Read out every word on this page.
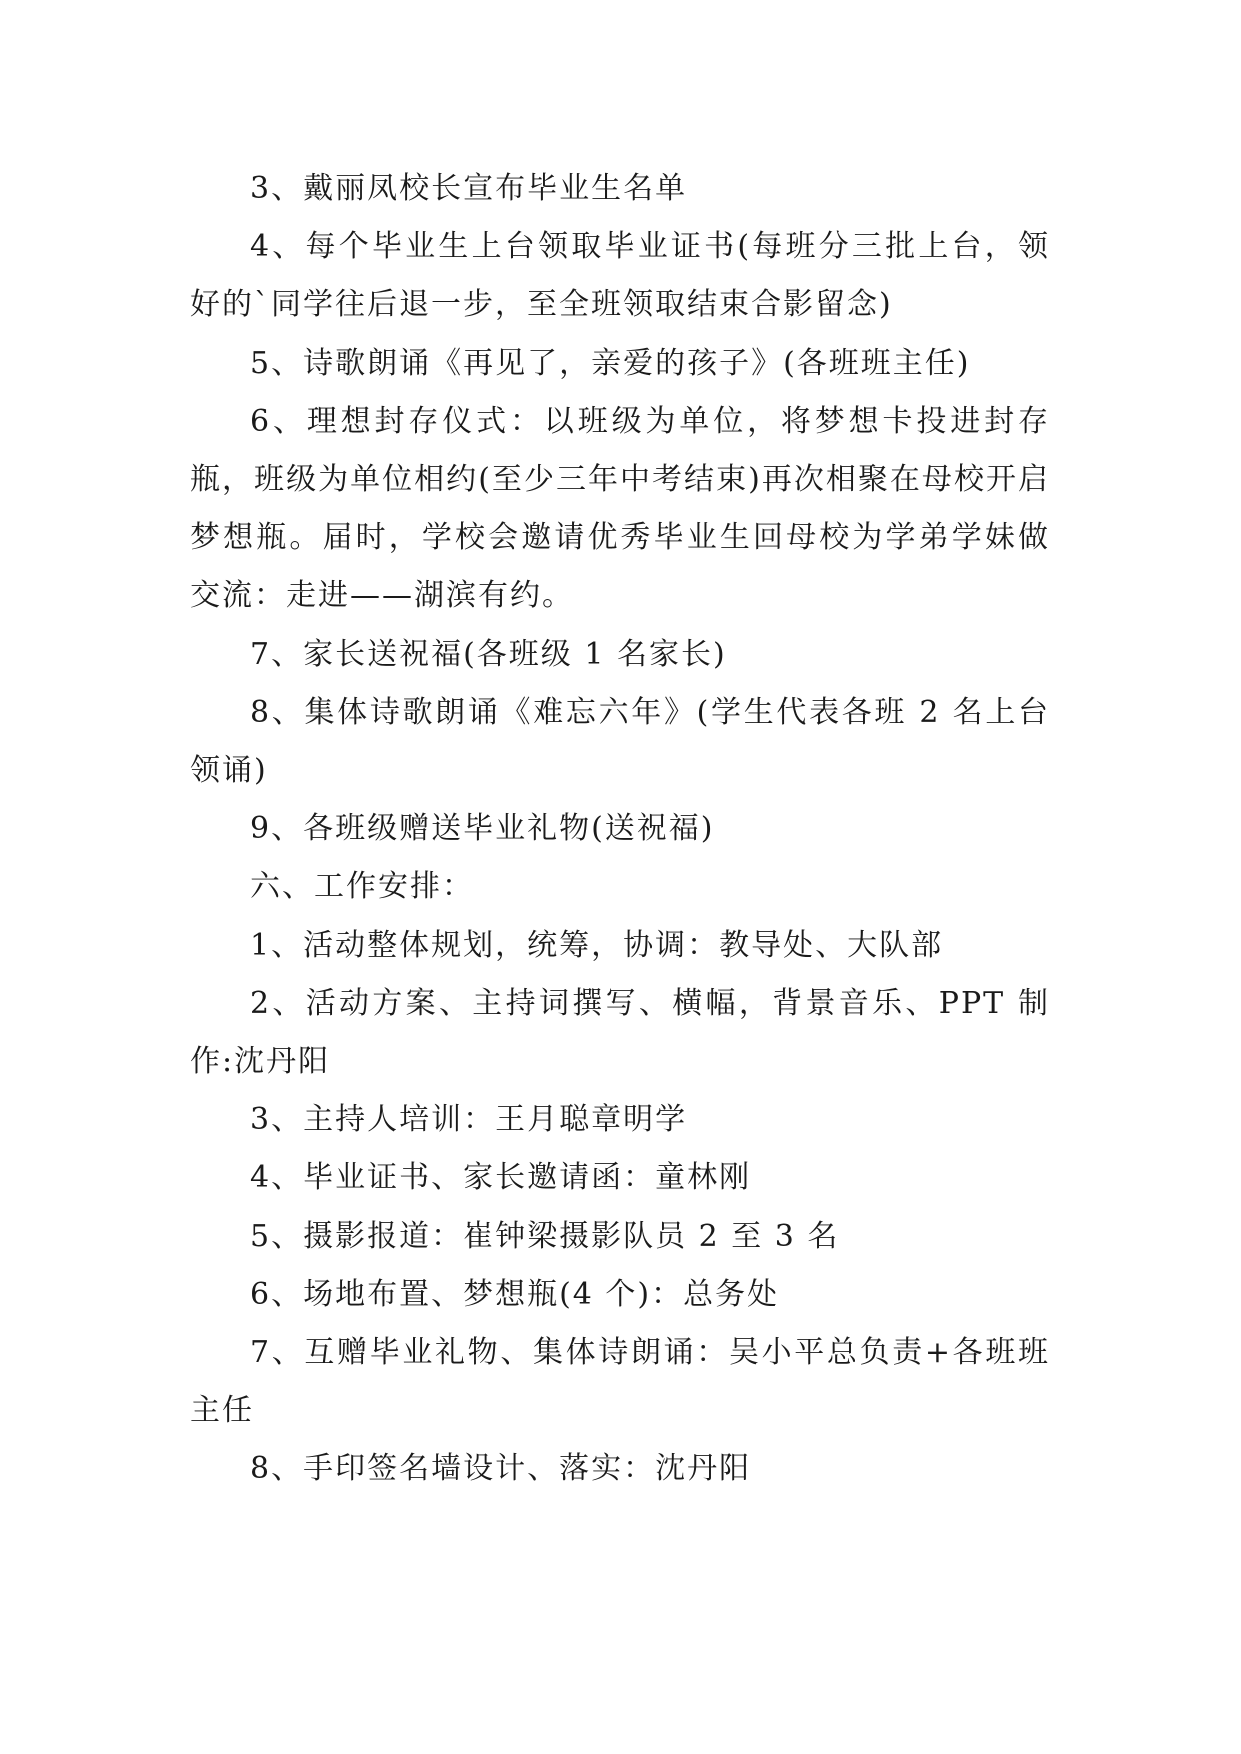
3、戴丽凤校长宣布毕业生名单

4、每个毕业生上台领取毕业证书(每班分三批上台，领好的`同学往后退一步，至全班领取结束合影留念)

5、诗歌朗诵《再见了，亲爱的孩子》(各班班主任)

6、理想封存仪式：以班级为单位，将梦想卡投进封存瓶，班级为单位相约(至少三年中考结束)再次相聚在母校开启梦想瓶。届时，学校会邀请优秀毕业生回母校为学弟学妹做交流：走进——湖滨有约。

7、家长送祝福(各班级 1 名家长)

8、集体诗歌朗诵《难忘六年》(学生代表各班 2 名上台领诵)

9、各班级赠送毕业礼物(送祝福)

六、工作安排：

1、活动整体规划，统筹，协调：教导处、大队部

2、活动方案、主持词撰写、横幅，背景音乐、PPT 制作:沈丹阳

3、主持人培训：王月聪章明学

4、毕业证书、家长邀请函：童林刚

5、摄影报道：崔钟梁摄影队员 2 至 3 名

6、场地布置、梦想瓶(4 个)：总务处

7、互赠毕业礼物、集体诗朗诵：吴小平总负责+各班班主任

8、手印签名墙设计、落实：沈丹阳
